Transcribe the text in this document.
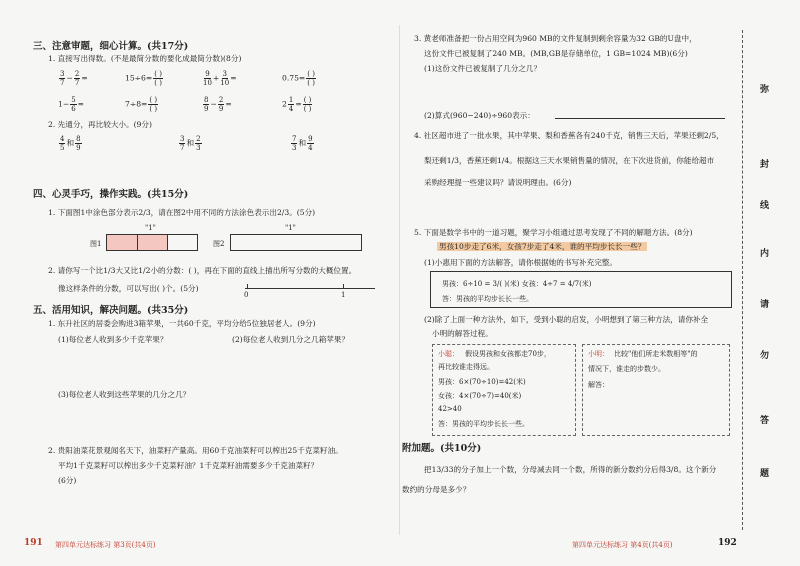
三、注意审题，细心计算。(共17分)
1. 直接写出得数。(不是最简分数的要化成最简分数)(8分)
$\frac{3}{7} - \frac{2}{7}$ =	$15\div 6= \frac{( )}{( )}$	$\frac{9}{10} + \frac{3}{10}$ =	$0.75= \frac{( )}{( )}$
$1- \frac{5}{6}$ =	$7\div 8= \frac{( )}{( )}$	$\frac{8}{9} - \frac{2}{9}$ =	$2 \frac{1}{4} = \frac{( )}{( )}$
2. 先通分，再比较大小。(9分)
$\frac{4}{5}$ 和 $\frac{8}{9}$	$\frac{3}{7}$ 和 $\frac{2}{3}$	$\frac{7}{3}$ 和 $\frac{9}{4}$
四、心灵手巧，操作实践。(共15分)
1. 下面图1中涂色部分表示2/3，请在图2中用不同的方法涂色表示出2/3。(5分)
图1
"1"
图2
"1"
2. 请你写一个比1/3大又比1/2小的分数：( )，再在下面的直线上描出所写分数的大概位置。
像这样条件的分数，可以写出( )个。(5分)
0	1
五、活用知识，解决问题。(共35分)
1. 东升社区的居委会购进3箱苹果，一共60千克，平均分给5位独居老人。(9分)
(1)每位老人收到多少千克苹果？	(2)每位老人收到几分之几箱苹果？
(3)每位老人收到这些苹果的几分之几？
2. 贵阳油菜花景观闻名天下，油菜籽产量高。用60千克油菜籽可以榨出25千克菜籽油。
平均1千克菜籽可以榨出多少千克菜籽油？1千克菜籽油需要多少千克油菜籽？
(6分)
191 第四单元达标练习 第3页(共4页)
3. 黄老师准备把一份占用空间为960 MB的文件复制到剩余容量为32 GB的U盘中，
这份文件已被复制了240 MB。(MB,GB是存储单位，1 GB=1024 MB)(6分)
(1)这份文件已被复制了几分之几？
(2)算式(960−240)÷960表示：
4. 社区超市进了一批水果，其中苹果、梨和香蕉各有240千克，销售三天后，苹果还剩2/5，
梨还剩1/3，香蕉还剩1/4。根据这三天水果销售量的情况，在下次进货前，你能给超市
采购经理提一些建议吗？请说明理由。(6分)
5. 下面是数学书中的一道习题，聚学习小组通过思考发现了不同的解题方法。(8分)
男孩10步走了6米，女孩7步走了4米，谁的平均步长长一些？
(1)小惠用下面的方法解答，请你根据她的书写补充完整。
男孩：6÷10 = 3/( )(米) 女孩：4÷7 = 4/7(米)
答：男孩的平均步长长一些。
(2)除了上面一种方法外，如下，受到小聪的启发，小明想到了第三种方法，请你补全
小明的解答过程。
小聪： 假设男孩和女孩都走70步，
再比较谁走得远。
男孩：6×(70÷10)=42(米)
女孩：4×(70÷7)=40(米)
42>40
答：男孩的平均步长长一些。
小明： 比较"他们所走米数相等"的
情况下，谁走的步数少。
解答：
附加题。(共10分)
把13/33的分子加上一个数，分母减去同一个数，所得的新分数约分后得3/8。这个新分
数约的分母是多少？
弥
封
线
内
请
勿
答
题
第四单元达标练习 第4页(共4页)	192
